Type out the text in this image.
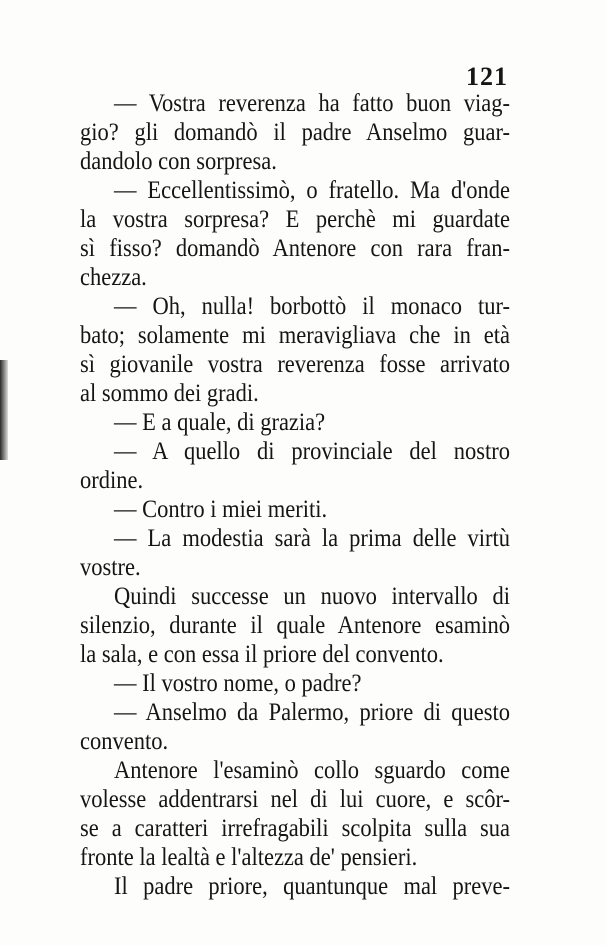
121
— Vostra reverenza ha fatto buon viag-
gio? gli domandò il padre Anselmo guar-
dandolo con sorpresa.
— Eccellentissimò, o fratello. Ma d'onde
la vostra sorpresa? E perchè mi guardate
sì fisso? domandò Antenore con rara fran-
chezza.
— Oh, nulla! borbottò il monaco tur-
bato; solamente mi meravigliava che in età
sì giovanile vostra reverenza fosse arrivato
al sommo dei gradi.
— E a quale, di grazia?
— A quello di provinciale del nostro
ordine.
— Contro i miei meriti.
— La modestia sarà la prima delle virtù
vostre.
Quindi successe un nuovo intervallo di
silenzio, durante il quale Antenore esaminò
la sala, e con essa il priore del convento.
— Il vostro nome, o padre?
— Anselmo da Palermo, priore di questo
convento.
Antenore l'esaminò collo sguardo come
volesse addentrarsi nel di lui cuore, e scôr-
se a caratteri irrefragabili scolpita sulla sua
fronte la lealtà e l'altezza de' pensieri.
Il padre priore, quantunque mal preve-
